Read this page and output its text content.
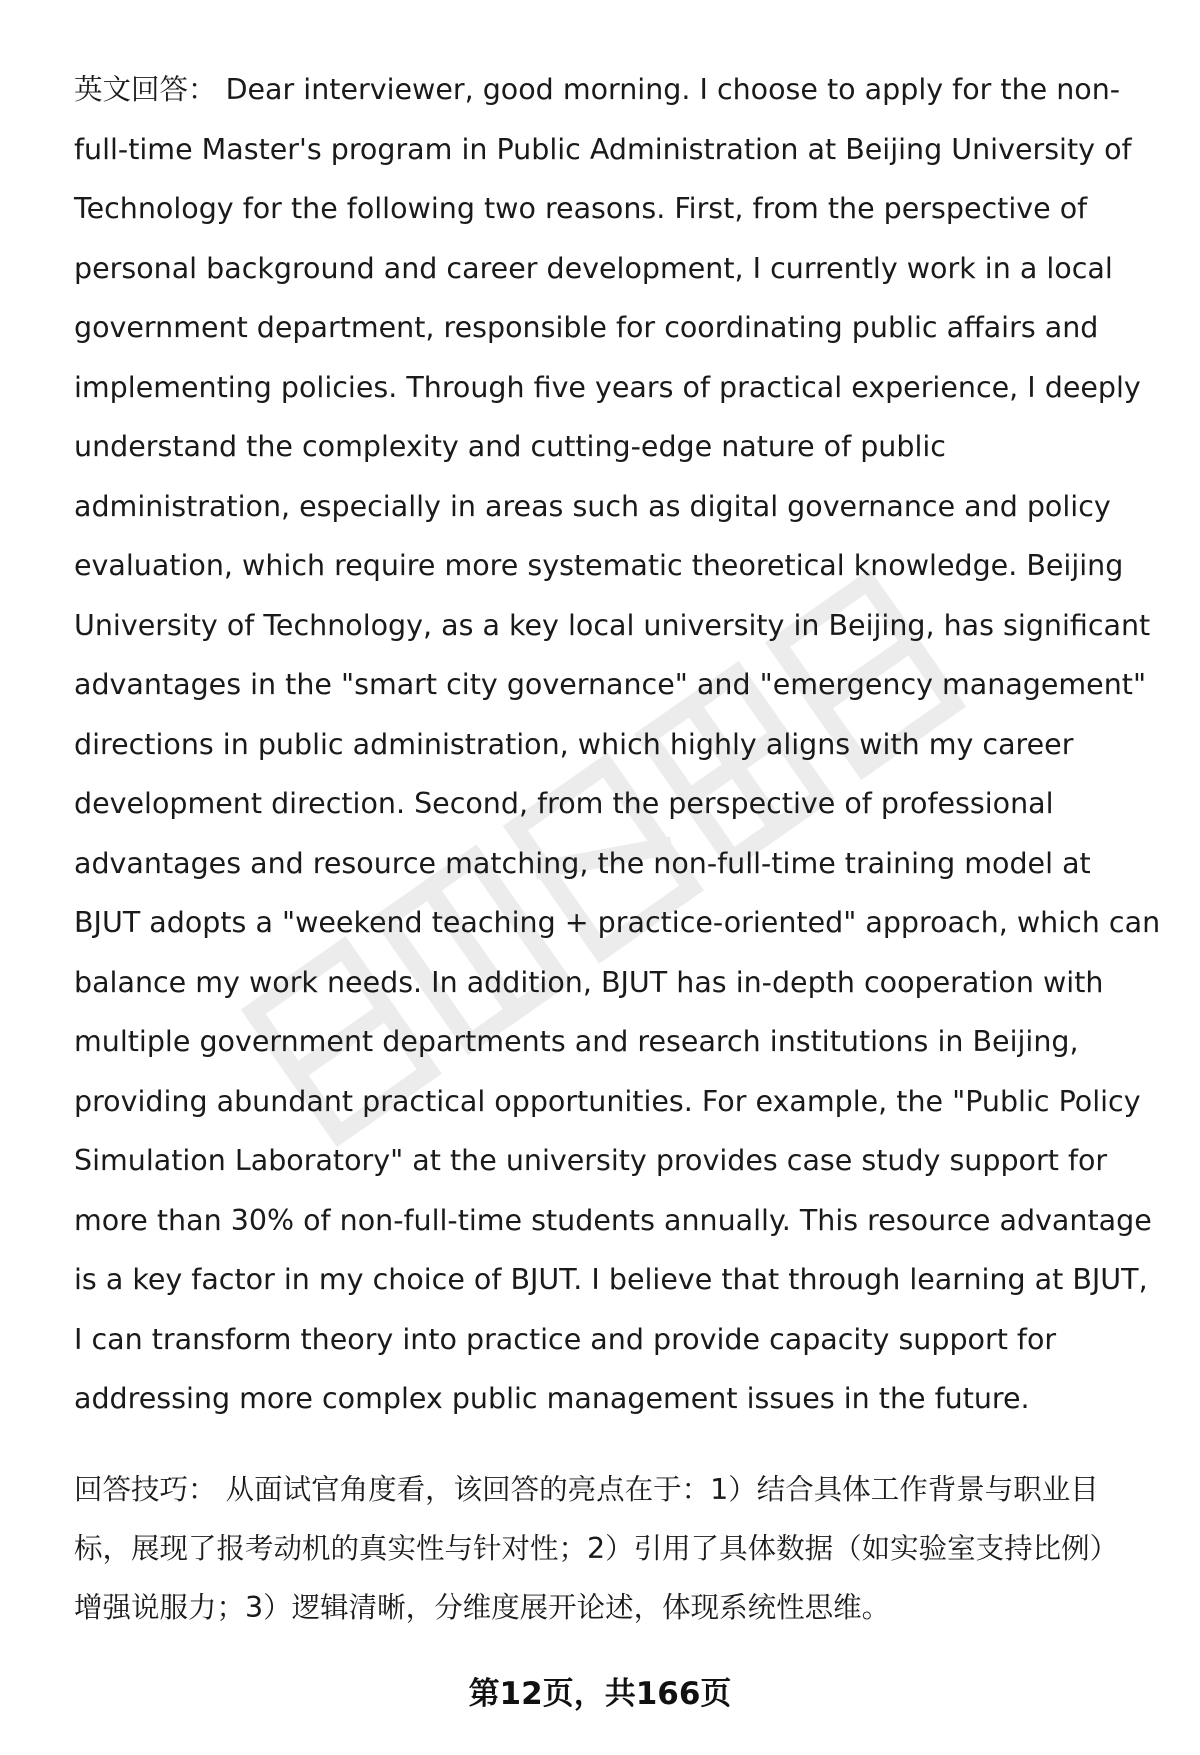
英文回答： Dear interviewer, good morning. I choose to apply for the non-full-time Master's program in Public Administration at Beijing University of Technology for the following two reasons. First, from the perspective of personal background and career development, I currently work in a local government department, responsible for coordinating public affairs and implementing policies. Through five years of practical experience, I deeply understand the complexity and cutting-edge nature of public administration, especially in areas such as digital governance and policy evaluation, which require more systematic theoretical knowledge. Beijing University of Technology, as a key local university in Beijing, has significant advantages in the "smart city governance" and "emergency management" directions in public administration, which highly aligns with my career development direction. Second, from the perspective of professional advantages and resource matching, the non-full-time training model at BJUT adopts a "weekend teaching + practice-oriented" approach, which can balance my work needs. In addition, BJUT has in-depth cooperation with multiple government departments and research institutions in Beijing, providing abundant practical opportunities. For example, the "Public Policy Simulation Laboratory" at the university provides case study support for more than 30% of non-full-time students annually. This resource advantage is a key factor in my choice of BJUT. I believe that through learning at BJUT, I can transform theory into practice and provide capacity support for addressing more complex public management issues in the future.
回答技巧： 从面试官角度看，该回答的亮点在于：1）结合具体工作背景与职业目标，展现了报考动机的真实性与针对性；2）引用了具体数据（如实验室支持比例）增强说服力；3）逻辑清晰，分维度展开论述，体现系统性思维。
第12页，共166页
